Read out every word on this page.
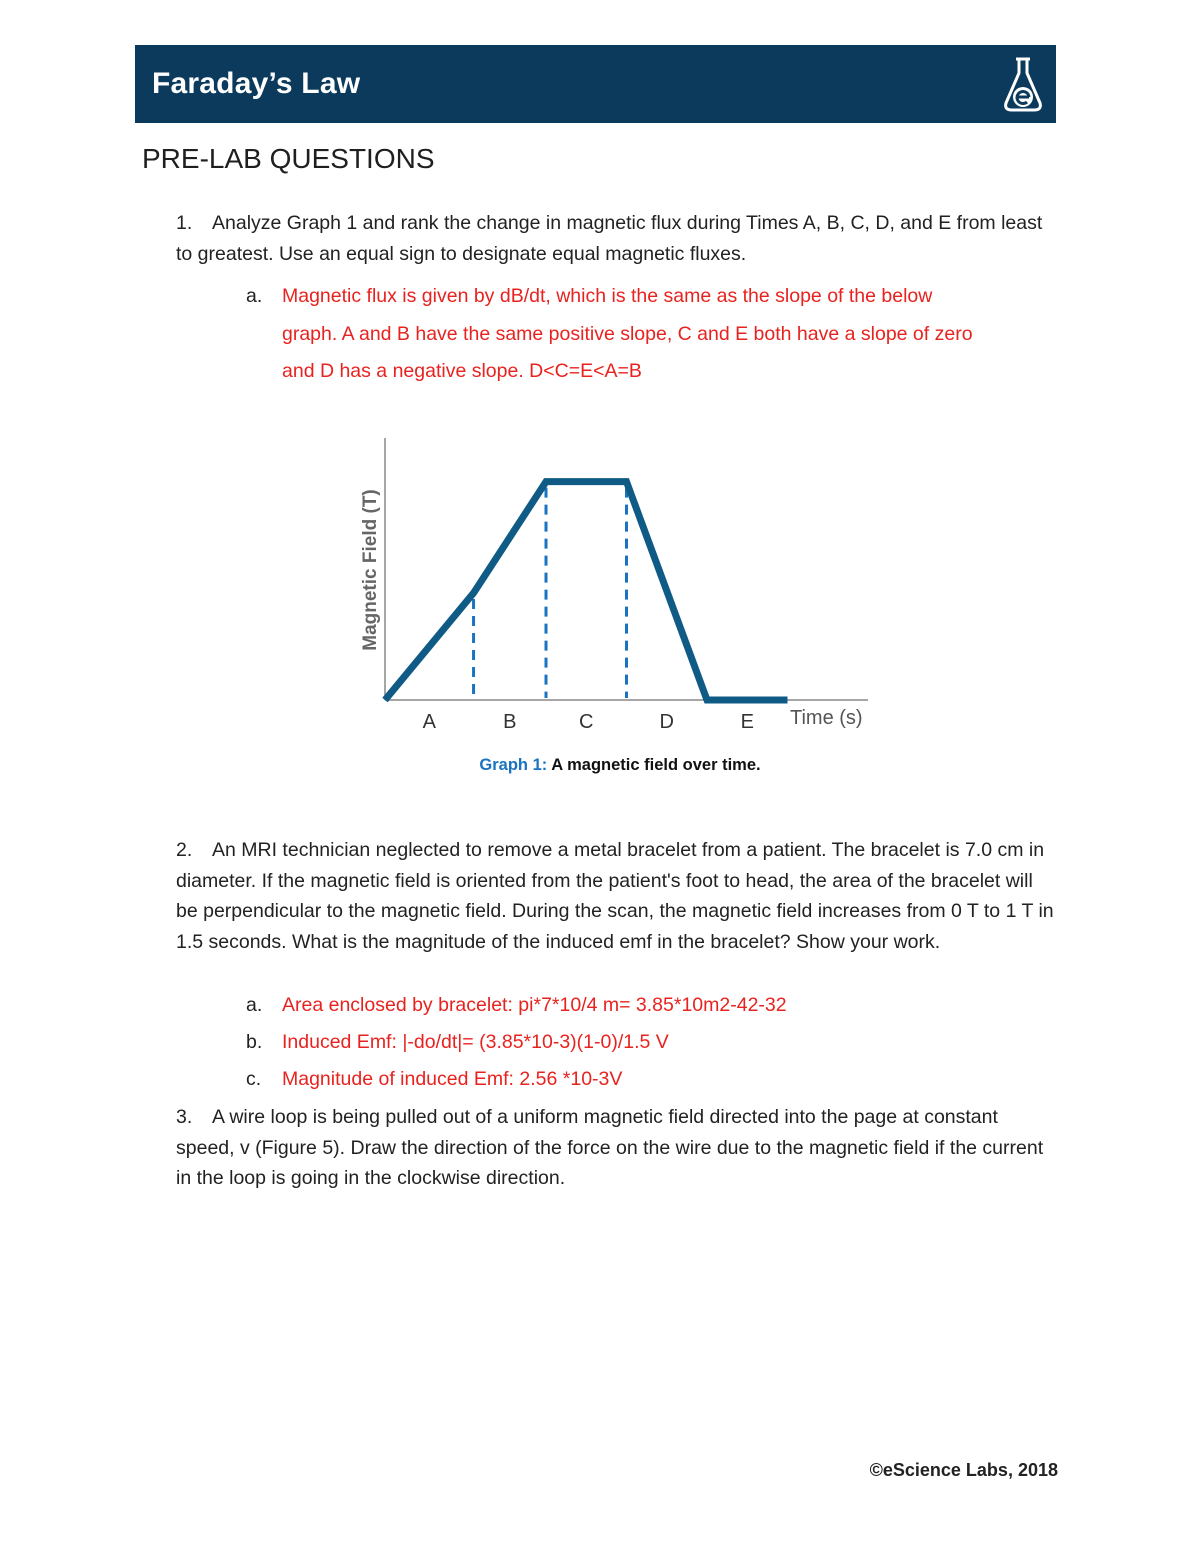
Faraday’s Law
PRE-LAB QUESTIONS

1. Analyze Graph 1 and rank the change in magnetic flux during Times A, B, C, D, and E from least to greatest. Use an equal sign to designate equal magnetic fluxes.

a. Magnetic flux is given by dB/dt, which is the same as the slope of the below
graph. A and B have the same positive slope, C and E both have a slope of zero
and D has a negative slope. D<C=E<A=B
A	B	C	D	E Time (s)
Magnetic Field (T)

Graph 1: A magnetic field over time.

2. An MRI technician neglected to remove a metal bracelet from a patient. The bracelet is 7.0 cm in diameter. If the magnetic field is oriented from the patient's foot to head, the area of the bracelet will be perpendicular to the magnetic field. During the scan, the magnetic field increases from 0 T to 1 T in 1.5 seconds. What is the magnitude of the induced emf in the bracelet? Show your work.

a. Area enclosed by bracelet: pi*7*10/4 m= 3.85*10m2-42-32

b. Induced Emf: |-do/dt|= (3.85*10-3)(1-0)/1.5 V

c. Magnitude of induced Emf: 2.56 *10-3V

3. A wire loop is being pulled out of a uniform magnetic field directed into the page at constant speed, v (Figure 5). Draw the direction of the force on the wire due to the magnetic field if the current in the loop is going in the clockwise direction.

©eScience Labs, 2018
